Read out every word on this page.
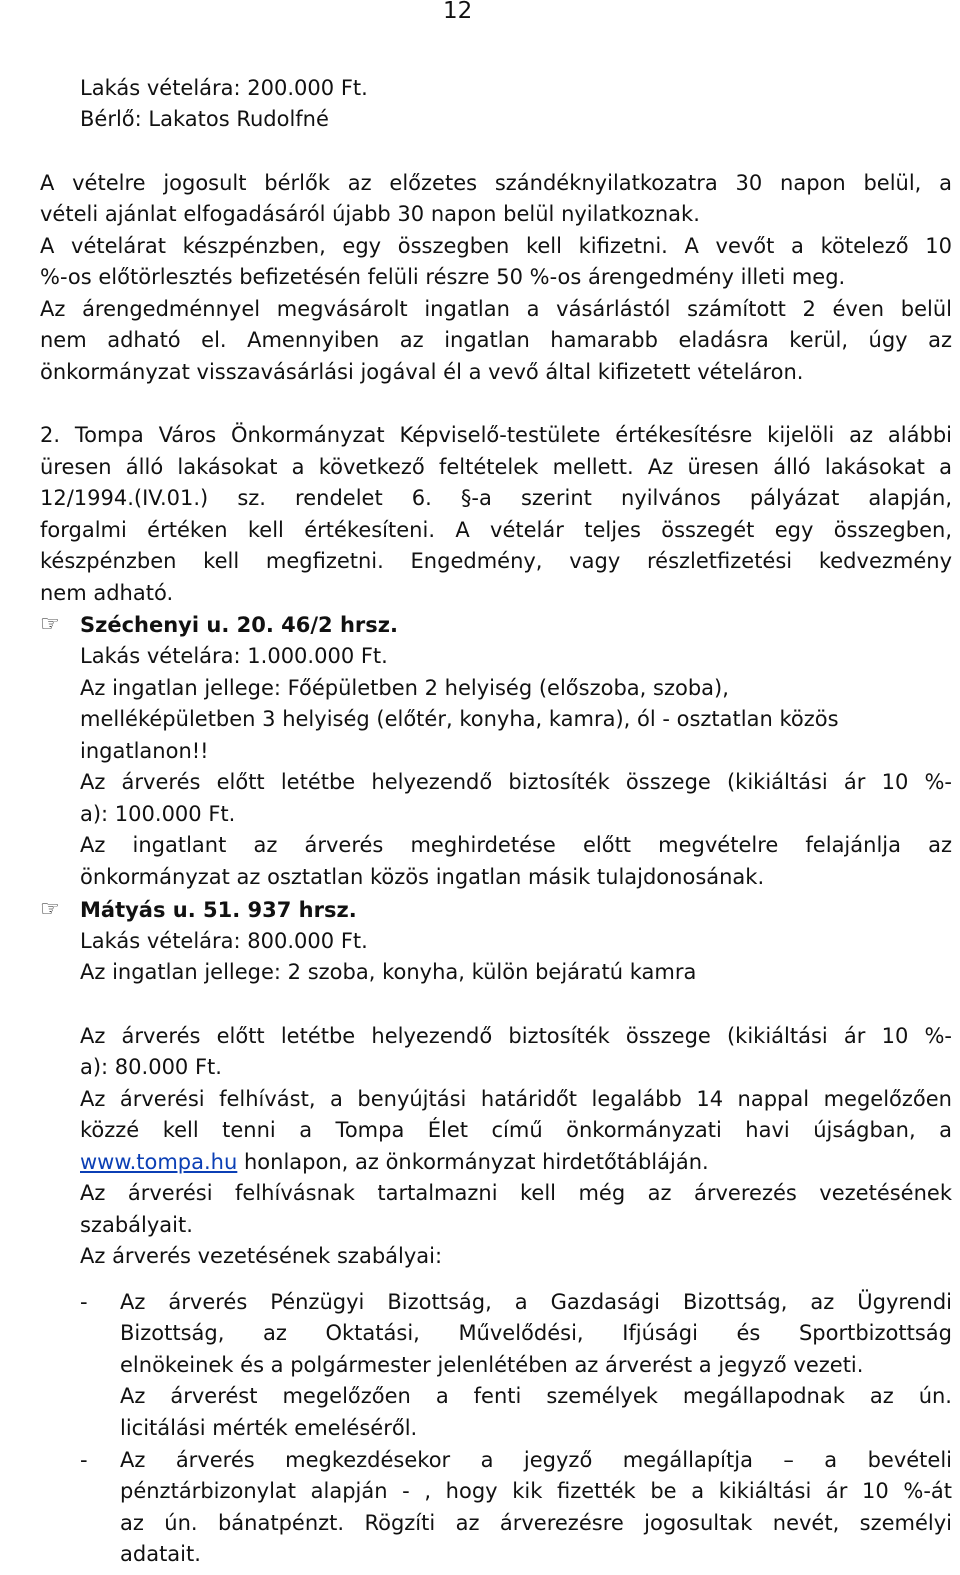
12
Lakás vételára: 200.000 Ft.
Bérlő: Lakatos Rudolfné
A vételre jogosult bérlők az előzetes szándéknyilatkozatra 30 napon belül, a
vételi ajánlat elfogadásáról újabb 30 napon belül nyilatkoznak.
A vételárat készpénzben, egy összegben kell kifizetni. A vevőt a kötelező 10
%-os előtörlesztés befizetésén felüli részre 50 %-os árengedmény illeti meg.
Az árengedménnyel megvásárolt ingatlan a vásárlástól számított 2 éven belül
nem adható el. Amennyiben az ingatlan hamarabb eladásra kerül, úgy az
önkormányzat visszavásárlási jogával él a vevő által kifizetett vételáron.
2. Tompa Város Önkormányzat Képviselő-testülete értékesítésre kijelöli az alábbi
üresen álló lakásokat a következő feltételek mellett. Az üresen álló lakásokat a
12/1994.(IV.01.) sz. rendelet 6. §-a szerint nyilvános pályázat alapján,
forgalmi értéken kell értékesíteni. A vételár teljes összegét egy összegben,
készpénzben kell megfizetni. Engedmény, vagy részletfizetési kedvezmény
nem adható.
☞ Széchenyi u. 20. 46/2 hrsz.
Lakás vételára: 1.000.000 Ft.
Az ingatlan jellege: Főépületben 2 helyiség (előszoba, szoba),
melléképületben 3 helyiség (előtér, konyha, kamra), ól - osztatlan közös
ingatlanon!!
Az árverés előtt letétbe helyezendő biztosíték összege (kikiáltási ár 10 %-
a): 100.000 Ft.
Az ingatlant az árverés meghirdetése előtt megvételre felajánlja az
önkormányzat az osztatlan közös ingatlan másik tulajdonosának.
☞ Mátyás u. 51. 937 hrsz.
Lakás vételára: 800.000 Ft.
Az ingatlan jellege: 2 szoba, konyha, külön bejáratú kamra
Az árverés előtt letétbe helyezendő biztosíték összege (kikiáltási ár 10 %-
a): 80.000 Ft.
Az árverési felhívást, a benyújtási határidőt legalább 14 nappal megelőzően
közzé kell tenni a Tompa Élet című önkormányzati havi újságban, a
www.tompa.hu honlapon, az önkormányzat hirdetőtábláján.
Az árverési felhívásnak tartalmazni kell még az árverezés vezetésének
szabályait.
Az árverés vezetésének szabályai:
- Az árverés Pénzügyi Bizottság, a Gazdasági Bizottság, az Ügyrendi
Bizottság, az Oktatási, Művelődési, Ifjúsági és Sportbizottság
elnökeinek és a polgármester jelenlétében az árverést a jegyző vezeti.
Az árverést megelőzően a fenti személyek megállapodnak az ún.
licitálási mérték emeléséről.
- Az árverés megkezdésekor a jegyző megállapítja – a bevételi
pénztárbizonylat alapján - , hogy kik fizették be a kikiáltási ár 10 %-át
az ún. bánatpénzt. Rögzíti az árverezésre jogosultak nevét, személyi
adatait.
